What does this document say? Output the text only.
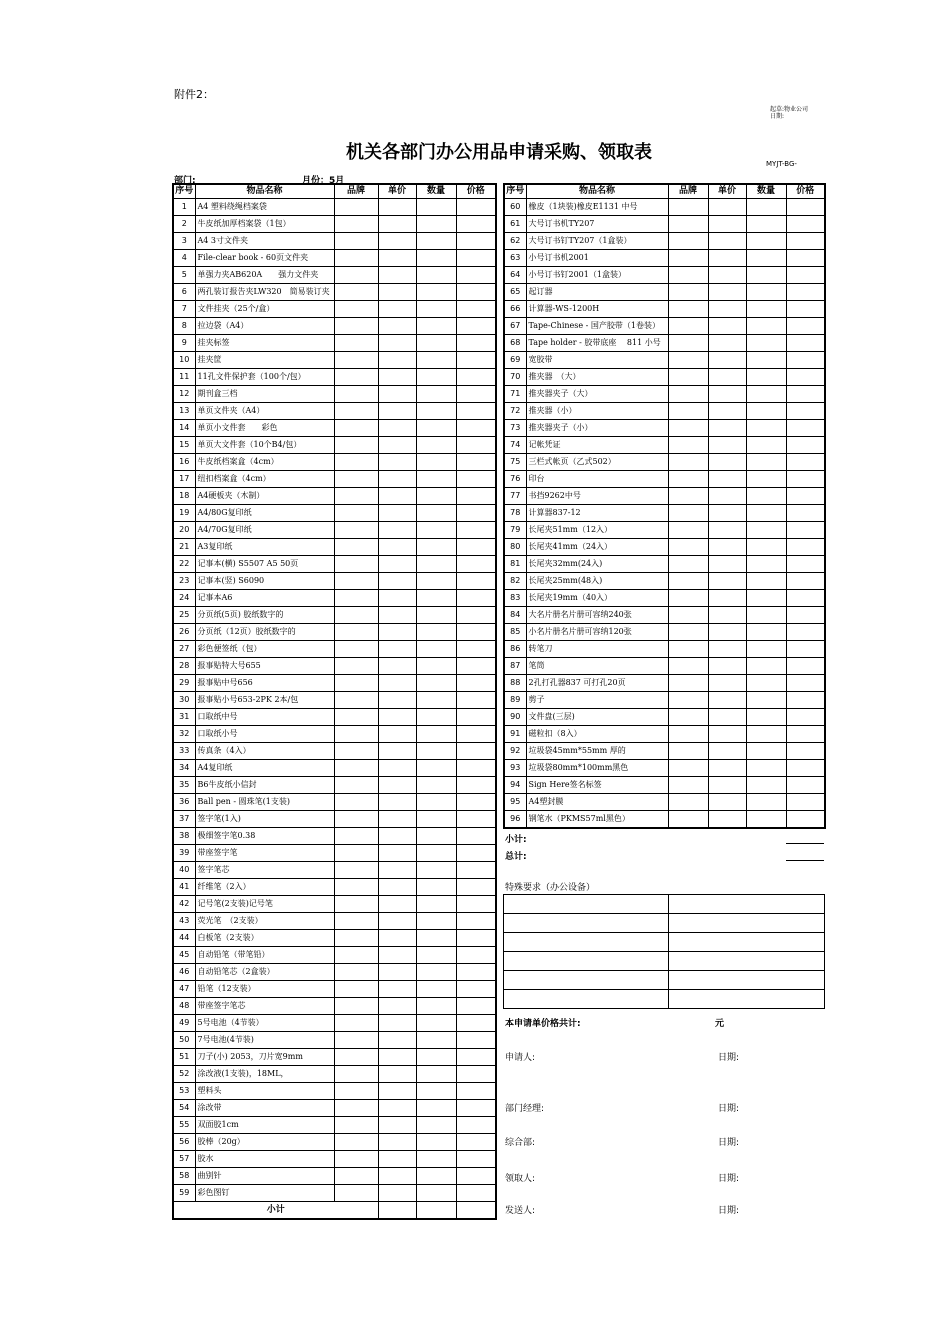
附件2：
起草:物业公司
日期:
机关各部门办公用品申请采购、领取表
MYJT-BG-
部门:	月份：5月
序号	物品名称	品牌	单价	数量	价格
1	A4 塑料绕绳档案袋				
2	牛皮纸加厚档案袋（1包）				
3	A4 3寸文件夹				
4	File-clear book - 60页文件夹				
5	单强力夹AB620A　　强力文件夹				
6	两孔装订报告夹LW320　简易装订夹				
7	文件挂夹（25个/盒）				
8	拉边袋（A4）				
9	挂夹标签				
10	挂夹筐				
11	11孔文件保护套（100个/包）				
12	期刊盒三档				
13	单页文件夹（A4）				
14	单页小文件套　　彩色				
15	单页大文件套（10个B4/包）				
16	牛皮纸档案盒（4cm）				
17	纽扣档案盒（4cm）				
18	A4硬板夹（木制）				
19	A4/80G复印纸				
20	A4/70G复印纸				
21	A3复印纸				
22	记事本(横) S5507 A5 50页				
23	记事本(竖) S6090				
24	记事本A6				
25	分页纸(5页) 胶纸数字的				
26	分页纸（12页）胶纸数字的				
27	彩色便签纸（包）				
28	报事贴特大号655				
29	报事贴中号656				
30	报事贴小号653-2PK 2本/包				
31	口取纸中号				
32	口取纸小号				
33	传真条（4入）				
34	A4复印纸				
35	B6牛皮纸小信封				
36	Ball pen - 圆珠笔(1支装)				
37	签字笔(1入)				
38	极细签字笔0.38				
39	带座签字笔				
40	签字笔芯				
41	纤维笔（2入）				
42	记号笔(2支装)记号笔				
43	荧光笔　（2支装）				
44	白板笔（2支装）				
45	自动铅笔（带笔铅）				
46	自动铅笔芯（2盒装）				
47	铅笔（12支装）				
48	带座签字笔芯				
49	5号电池（4节装）				
50	7号电池(4节装)				
51	刀子(小) 2053，刀片宽9mm				
52	涂改液(1支装)，18ML，				
53	塑料头				
54	涂改带				
55	双面胶1cm				
56	胶棒（20g）				
57	胶水				
58	曲别针				
59	彩色图钉				
小计					
序号	物品名称	品牌	单价	数量	价格
60	橡皮（1块装)橡皮E1131 中号				
61	大号订书机TY207				
62	大号订书钉TY207（1盒装）				
63	小号订书机2001				
64	小号订书钉2001（1盒装）				
65	起订器				
66	计算器-WS-1200H				
67	Tape-Chinese - 国产胶带（1卷装）				
68	Tape holder - 胶带底座　 811 小号				
69	宽胶带				
70	推夹器　（大）				
71	推夹器夹子（大）				
72	推夹器（小）				
73	推夹器夹子（小）				
74	记帐凭证				
75	三栏式帐页（乙式502）				
76	印台				
77	书挡9262中号				
78	计算器837-12				
79	长尾夹51mm（12入）				
80	长尾夹41mm（24入）				
81	长尾夹32mm(24入)				
82	长尾夹25mm(48入)				
83	长尾夹19mm（40入）				
84	大名片册名片册可容纳240张				
85	小名片册名片册可容纳120张				
86	转笔刀				
87	笔筒				
88	2孔打孔器837 可打孔20页				
89	剪子				
90	文件盘(三层)				
91	磁粒扣（8入）				
92	垃圾袋45mm*55mm 厚的				
93	垃圾袋80mm*100mm黑色				
94	Sign Here签名标签				
95	A4塑封膜				
96	钢笔水（PKMS57ml黑色）				
小计:
总计:
特殊要求（办公设备）

本申请单价格共计:	元
申请人:	日期:
部门经理:	日期:
综合部:	日期:
领取人:	日期:
发送人:	日期:
